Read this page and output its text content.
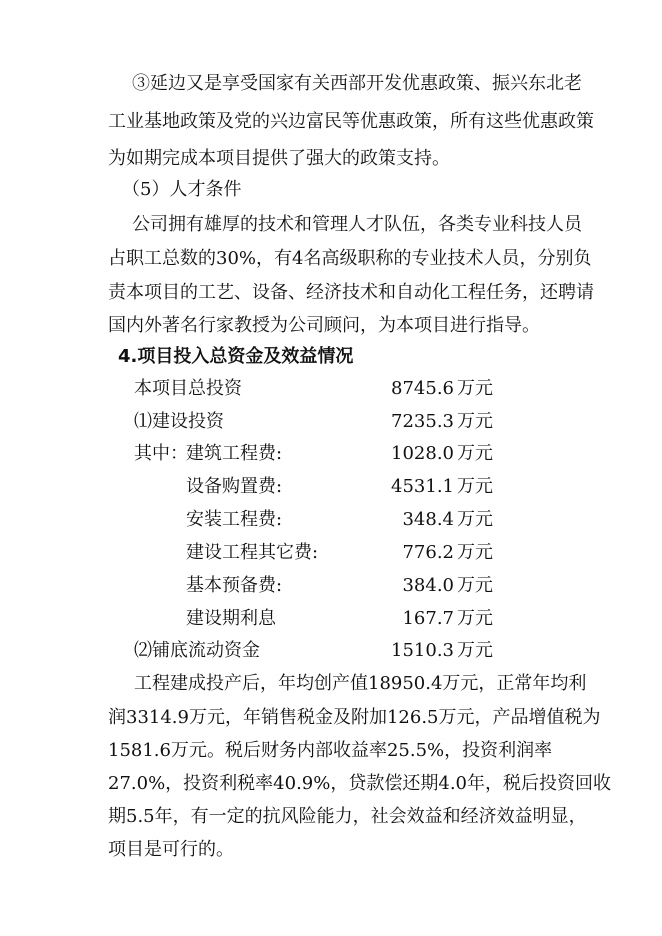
③延边又是享受国家有关西部开发优惠政策、振兴东北老
工业基地政策及党的兴边富民等优惠政策，所有这些优惠政策
为如期完成本项目提供了强大的政策支持。
（5）人才条件
公司拥有雄厚的技术和管理人才队伍，各类专业科技人员
占职工总数的30%，有4名高级职称的专业技术人员，分别负
责本项目的工艺、设备、经济技术和自动化工程任务，还聘请
国内外著名行家教授为公司顾问，为本项目进行指导。
4.项目投入总资金及效益情况
本项目总投资	8745.6 万元
⑴建设投资	7235.3 万元
其中：
建筑工程费:	1028.0 万元
设备购置费:	4531.1 万元
安装工程费:	348.4 万元
建设工程其它费:	776.2 万元
基本预备费:	384.0 万元
建设期利息	167.7 万元
⑵铺底流动资金	1510.3 万元
工程建成投产后，年均创产值18950.4万元，正常年均利
润3314.9万元，年销售税金及附加126.5万元，产品增值税为
1581.6万元。税后财务内部收益率25.5%，投资利润率
27.0%，投资利税率40.9%，贷款偿还期4.0年，税后投资回收
期5.5年，有一定的抗风险能力，社会效益和经济效益明显，
项目是可行的。
